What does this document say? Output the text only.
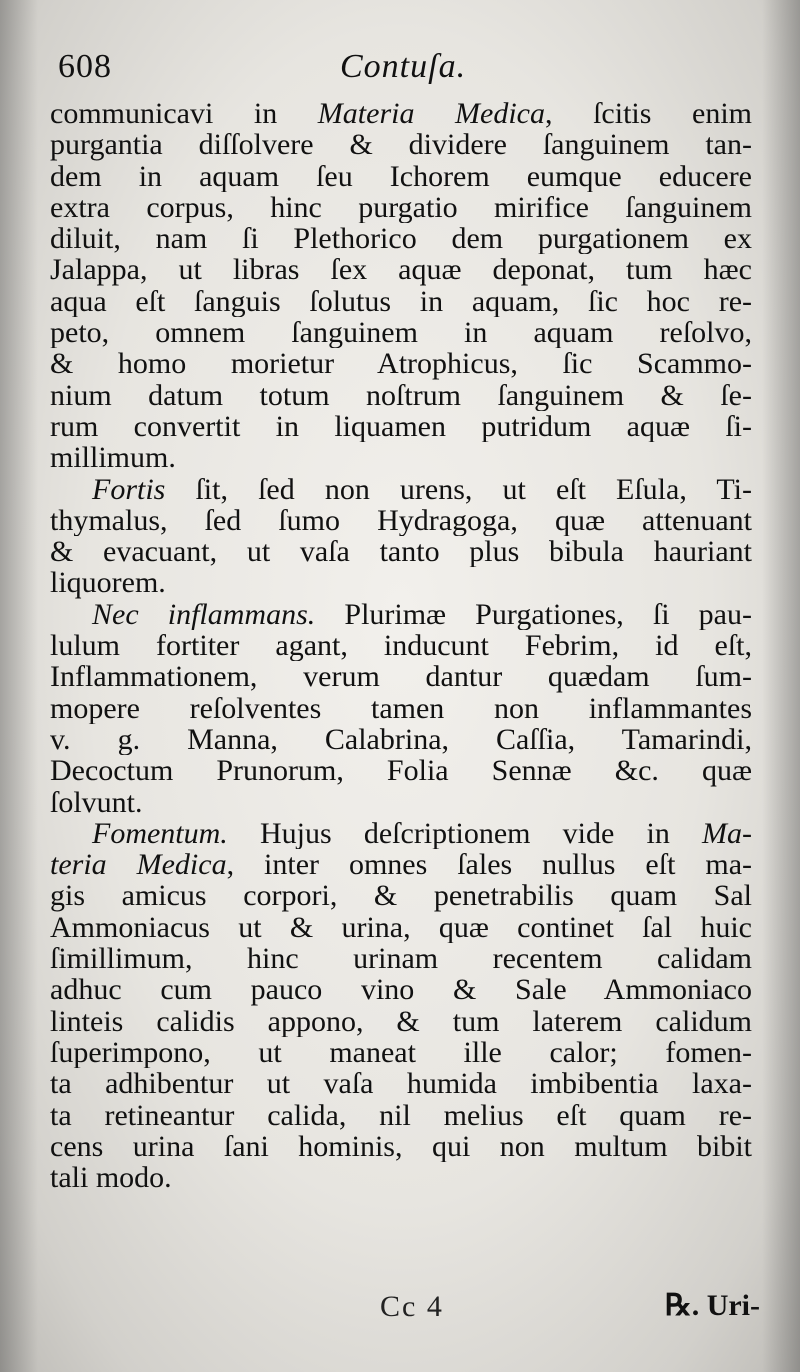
608	Contuſa.
communicavi in Materia Medica, ſcitis enim
purgantia diſſolvere & dividere ſanguinem tan-
dem in aquam ſeu Ichorem eumque educere
extra corpus, hinc purgatio mirifice ſanguinem
diluit, nam ſi Plethorico dem purgationem ex
Jalappa, ut libras ſex aquæ deponat, tum hæc
aqua eſt ſanguis ſolutus in aquam, ſic hoc re-
peto, omnem ſanguinem in aquam reſolvo,
& homo morietur Atrophicus, ſic Scammo-
nium datum totum noſtrum ſanguinem & ſe-
rum convertit in liquamen putridum aquæ ſi-
millimum.
Fortis ſit, ſed non urens, ut eſt Eſula, Ti-
thymalus, ſed ſumo Hydragoga, quæ attenuant
& evacuant, ut vaſa tanto plus bibula hauriant
liquorem.
Nec inflammans. Plurimæ Purgationes, ſi pau-
lulum fortiter agant, inducunt Febrim, id eſt,
Inflammationem, verum dantur quædam ſum-
mopere reſolventes tamen non inflammantes
v. g. Manna, Calabrina, Caſſia, Tamarindi,
Decoctum Prunorum, Folia Sennæ &c. quæ
ſolvunt.
Fomentum. Hujus deſcriptionem vide in Ma-
teria Medica, inter omnes ſales nullus eſt ma-
gis amicus corpori, & penetrabilis quam Sal
Ammoniacus ut & urina, quæ continet ſal huic
ſimillimum, hinc urinam recentem calidam
adhuc cum pauco vino & Sale Ammoniaco
linteis calidis appono, & tum laterem calidum
ſuperimpono, ut maneat ille calor; fomen-
ta adhibentur ut vaſa humida imbibentia laxa-
ta retineantur calida, nil melius eſt quam re-
cens urina ſani hominis, qui non multum bibit
tali modo.
Cc 4	℞. Uri-
